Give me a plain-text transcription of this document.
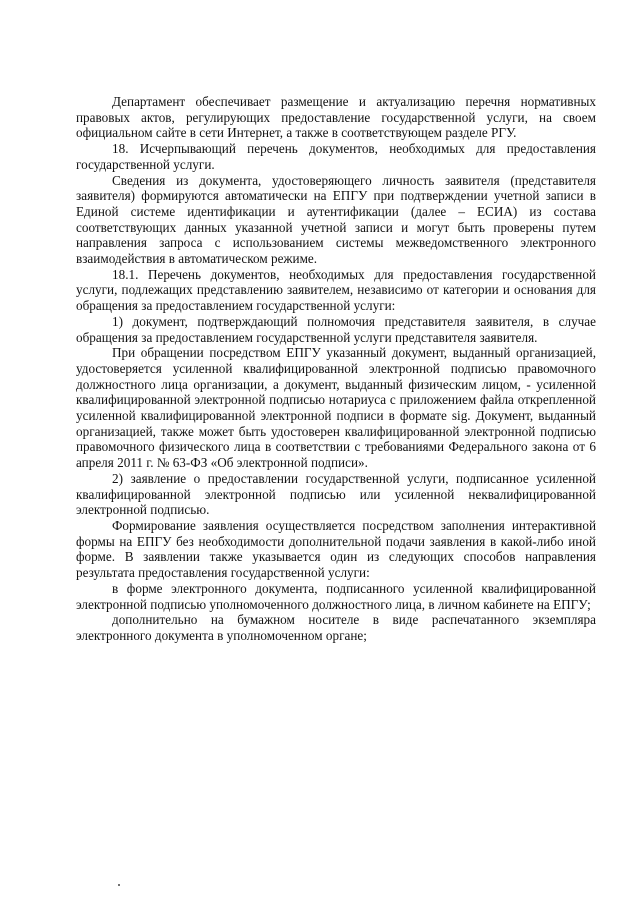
Департамент обеспечивает размещение и актуализацию перечня нормативных правовых актов, регулирующих предоставление государственной услуги, на своем официальном сайте в сети Интернет, а также в соответствующем разделе РГУ.

18. Исчерпывающий перечень документов, необходимых для предоставления государственной услуги.

Сведения из документа, удостоверяющего личность заявителя (представителя заявителя) формируются автоматически на ЕПГУ при подтверждении учетной записи в Единой системе идентификации и аутентификации (далее – ЕСИА) из состава соответствующих данных указанной учетной записи и могут быть проверены путем направления запроса с использованием системы межведомственного электронного взаимодействия в автоматическом режиме.

18.1. Перечень документов, необходимых для предоставления государственной услуги, подлежащих представлению заявителем, независимо от категории и основания для обращения за предоставлением государственной услуги:

1) документ, подтверждающий полномочия представителя заявителя, в случае обращения за предоставлением государственной услуги представителя заявителя.

При обращении посредством ЕПГУ указанный документ, выданный организацией, удостоверяется усиленной квалифицированной электронной подписью правомочного должностного лица организации, а документ, выданный физическим лицом, - усиленной квалифицированной электронной подписью нотариуса с приложением файла открепленной усиленной квалифицированной электронной подписи в формате sig. Документ, выданный организацией, также может быть удостоверен квалифицированной электронной подписью правомочного физического лица в соответствии с требованиями Федерального закона от 6 апреля 2011 г. № 63-ФЗ «Об электронной подписи».

2) заявление о предоставлении государственной услуги, подписанное усиленной квалифицированной электронной подписью или усиленной неквалифицированной электронной подписью.

Формирование заявления осуществляется посредством заполнения интерактивной формы на ЕПГУ без необходимости дополнительной подачи заявления в какой-либо иной форме. В заявлении также указывается один из следующих способов направления результата предоставления государственной услуги:

в форме электронного документа, подписанного усиленной квалифицированной электронной подписью уполномоченного должностного лица, в личном кабинете на ЕПГУ;

дополнительно на бумажном носителе в виде распечатанного экземпляра электронного документа в уполномоченном органе;
